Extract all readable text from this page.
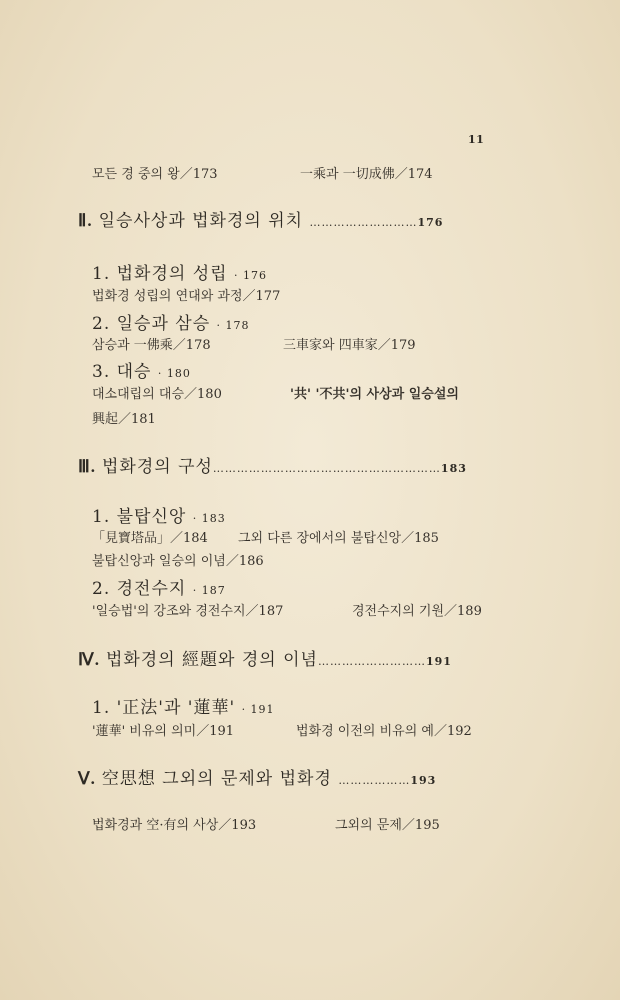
11
모든 경 중의 왕／173	一乘과 一切成佛／174
Ⅱ. 일승사상과 법화경의 위치 ………………………176
1. 법화경의 성립 · 176
법화경 성립의 연대와 과정／177
2. 일승과 삼승 · 178
삼승과 一佛乘／178	三車家와 四車家／179
3. 대승 · 180
대소대립의 대승／180	'共' '不共'의 사상과 일승설의
興起／181
Ⅲ. 법화경의 구성…………………………………………………183
1. 불탑신앙 · 183
「見寶塔品」／184 그외 다른 장에서의 불탑신앙／185
불탑신앙과 일승의 이념／186
2. 경전수지 · 187
'일승법'의 강조와 경전수지／187	경전수지의 기원／189
Ⅳ. 법화경의 經題와 경의 이념………………………191
1. '正法'과 '蓮華' · 191
'蓮華' 비유의 의미／191	법화경 이전의 비유의 예／192
Ⅴ. 空思想 그외의 문제와 법화경 ………………193
법화경과 空·有의 사상／193	그외의 문제／195
